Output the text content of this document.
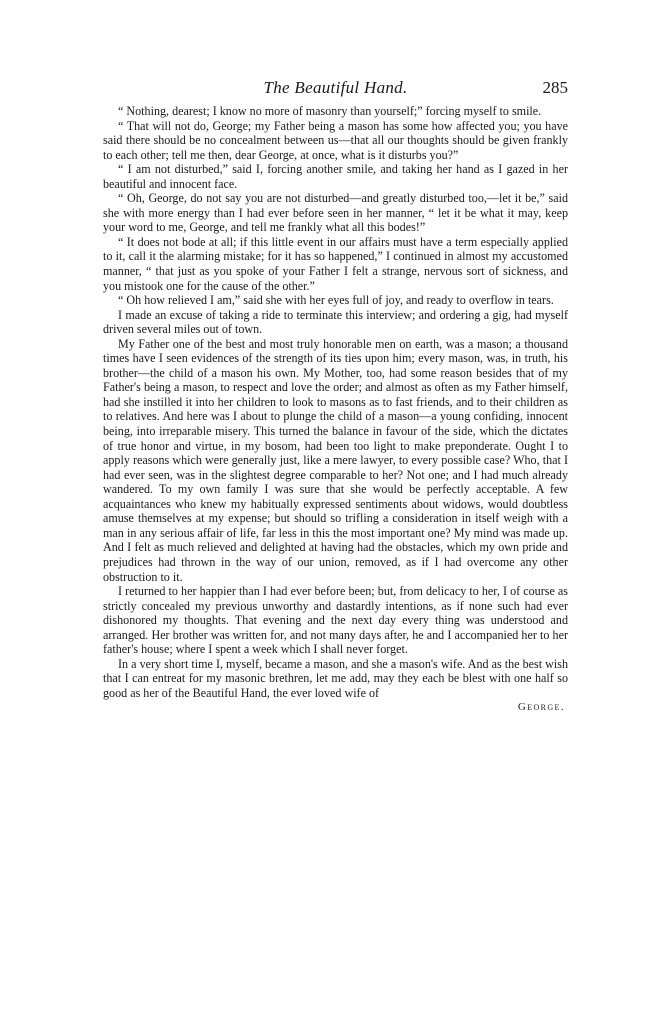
The Beautiful Hand.	285

“ Nothing, dearest; I know no more of masonry than yourself;” forcing myself to smile.

“ That will not do, George; my Father being a mason has some how affected you; you have said there should be no concealment between us—that all our thoughts should be given frankly to each other; tell me then, dear George, at once, what is it disturbs you?”

“ I am not disturbed,” said I, forcing another smile, and taking her hand as I gazed in her beautiful and innocent face.

“ Oh, George, do not say you are not disturbed—and greatly disturbed too,—let it be,” said she with more energy than I had ever before seen in her manner, “ let it be what it may, keep your word to me, George, and tell me frankly what all this bodes!”

“ It does not bode at all; if this little event in our affairs must have a term especially applied to it, call it the alarming mistake; for it has so happened,” I continued in almost my accustomed manner, “ that just as you spoke of your Father I felt a strange, nervous sort of sickness, and you mistook one for the cause of the other.”

“ Oh how relieved I am,” said she with her eyes full of joy, and ready to overflow in tears.

I made an excuse of taking a ride to terminate this interview; and ordering a gig, had myself driven several miles out of town.

My Father one of the best and most truly honorable men on earth, was a mason; a thousand times have I seen evidences of the strength of its ties upon him; every mason, was, in truth, his brother—the child of a mason his own. My Mother, too, had some reason besides that of my Father's being a mason, to respect and love the order; and almost as often as my Father himself, had she instilled it into her children to look to masons as to fast friends, and to their children as to relatives. And here was I about to plunge the child of a mason—a young confiding, innocent being, into irreparable misery. This turned the balance in favour of the side, which the dictates of true honor and virtue, in my bosom, had been too light to make preponderate. Ought I to apply reasons which were generally just, like a mere lawyer, to every possible case? Who, that I had ever seen, was in the slightest degree comparable to her? Not one; and I had much already wandered. To my own family I was sure that she would be perfectly acceptable. A few acquaintances who knew my habitually expressed sentiments about widows, would doubtless amuse themselves at my expense; but should so trifling a consideration in itself weigh with a man in any serious affair of life, far less in this the most important one? My mind was made up. And I felt as much relieved and delighted at having had the obstacles, which my own pride and prejudices had thrown in the way of our union, removed, as if I had overcome any other obstruction to it.

I returned to her happier than I had ever before been; but, from delicacy to her, I of course as strictly concealed my previous unworthy and dastardly intentions, as if none such had ever dishonored my thoughts. That evening and the next day every thing was understood and arranged. Her brother was written for, and not many days after, he and I accompanied her to her father's house; where I spent a week which I shall never forget.

In a very short time I, myself, became a mason, and she a mason's wife. And as the best wish that I can entreat for my masonic brethren, let me add, may they each be blest with one half so good as her of the Beautiful Hand, the ever loved wife of

George.
